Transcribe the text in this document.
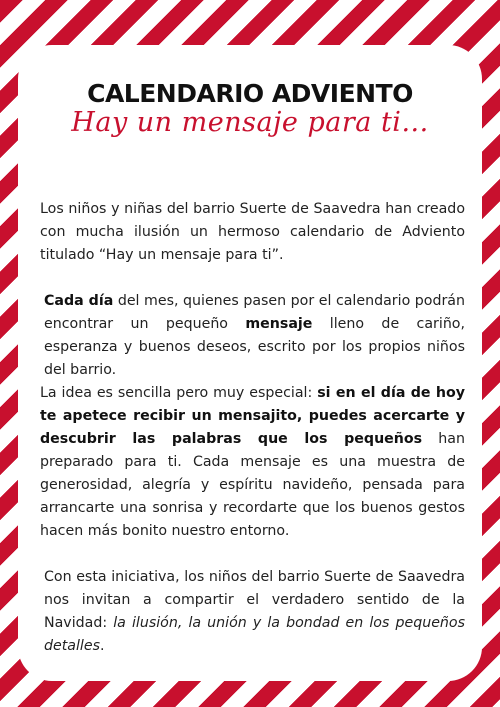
CALENDARIO ADVIENTO
Hay un mensaje para ti...

Los niños y niñas del barrio Suerte de Saavedra han creado con mucha ilusión un hermoso calendario de Adviento titulado “Hay un mensaje para ti”.

Cada día del mes, quienes pasen por el calendario podrán encontrar un pequeño mensaje lleno de cariño, esperanza y buenos deseos, escrito por los propios niños del barrio.

La idea es sencilla pero muy especial: si en el día de hoy te apetece recibir un mensajito, puedes acercarte y descubrir las palabras que los pequeños han preparado para ti. Cada mensaje es una muestra de generosidad, alegría y espíritu navideño, pensada para arrancarte una sonrisa y recordarte que los buenos gestos hacen más bonito nuestro entorno.

Con esta iniciativa, los niños del barrio Suerte de Saavedra nos invitan a compartir el verdadero sentido de la Navidad: la ilusión, la unión y la bondad en los pequeños detalles.
